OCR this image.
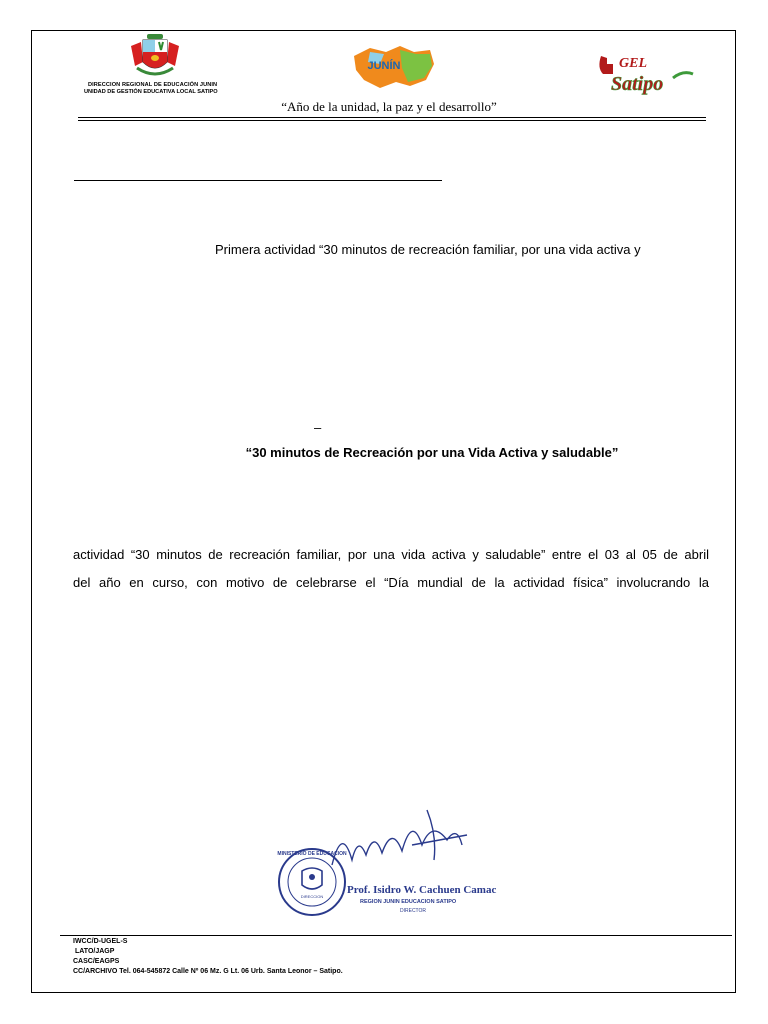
DIRECCION REGIONAL DE EDUCACIÓN JUNIN
UNIDAD DE GESTIÓN EDUCATIVA LOCAL SATIPO
JUNÍN	GEL
Satipo
“Año de la unidad, la paz y el desarrollo”
Primera actividad “30 minutos de recreación familiar, por una vida activa y
–
“30 minutos de Recreación por una Vida Activa y saludable”
actividad “30 minutos de recreación familiar, por una vida activa y saludable” entre el 03 al 05 de abril
del año en curso, con motivo de celebrarse el “Día mundial de la actividad física” involucrando la
MINISTERIO DE EDUCACION
DIRECCION
Prof. Isidro W. Cachuen Camac
REGION JUNIN EDUCACION SATIPO
DIRECTOR
IWCC/D-UGEL-S
LATO/JAGP
CASC/EAGPS
CC/ARCHIVO Tel. 064-545872 Calle Nº 06 Mz. G Lt. 06 Urb. Santa Leonor – Satipo.
